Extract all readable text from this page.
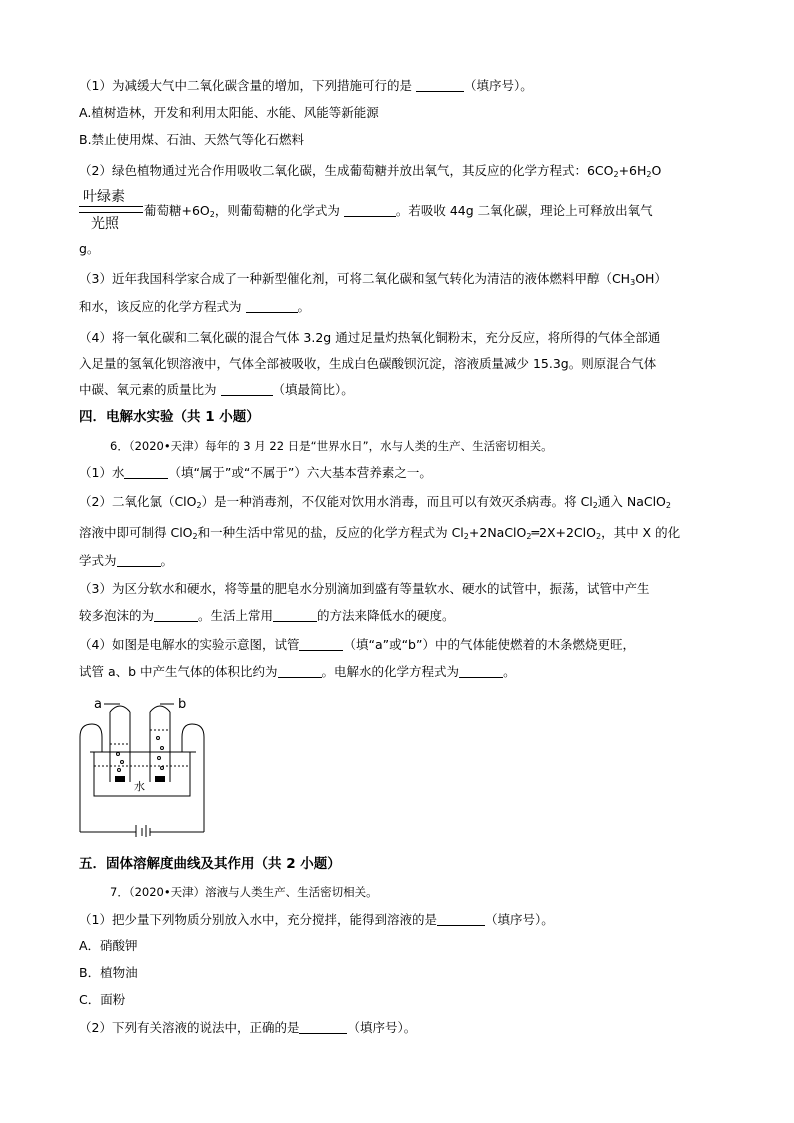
（1）为减缓大气中二氧化碳含量的增加，下列措施可行的是	（填序号）。
A.植树造林，开发和利用太阳能、水能、风能等新能源
B.禁止使用煤、石油、天然气等化石燃料
（2）绿色植物通过光合作用吸收二氧化碳，生成葡萄糖并放出氧气，其反应的化学方程式：$6CO_2+6H_2O$
叶绿素
光照
葡萄糖$+6O_2$，则葡萄糖的化学式为	。若吸收 44g 二氧化碳，理论上可释放出氧气
g。
（3）近年我国科学家合成了一种新型催化剂，可将二氧化碳和氢气转化为清洁的液体燃料甲醇$(CH_3OH)$
和水，该反应的化学方程式为	。
（4）将一氧化碳和二氧化碳的混合气体 3.2g 通过足量灼热氧化铜粉末，充分反应，将所得的气体全部通
入足量的氢氧化钡溶液中，气体全部被吸收，生成白色碳酸钡沉淀，溶液质量减少 15.3g。则原混合气体
中碳、氧元素的质量比为	（填最简比）。
四．电解水实验（共 1 小题）
6．（2020•天津）每年的 3 月 22 日是“世界水日”，水与人类的生产、生活密切相关。
（1）水	（填“属于”或“不属于”）六大基本营养素之一。
（2）二氧化氯（ClO$_2$）是一种消毒剂，不仅能对饮用水消毒，而且可以有效灭杀病毒。将 $Cl_2$通入 NaClO$_2$
溶液中即可制得 ClO$_2$和一种生活中常见的盐，反应的化学方程式为 $Cl_2+2NaClO_2═2X+2ClO_2$，其中 X 的化
学式为	。
（3）为区分软水和硬水，将等量的肥皂水分别滴加到盛有等量软水、硬水的试管中，振荡，试管中产生
较多泡沫的为	。生活上常用	的方法来降低水的硬度。
（4）如图是电解水的实验示意图，试管	（填“a”或“b”）中的气体能使燃着的木条燃烧更旺，
试管 a、b 中产生气体的体积比约为	。电解水的化学方程式为	。
a	b
水
五．固体溶解度曲线及其作用（共 2 小题）
7．（2020•天津）溶液与人类生产、生活密切相关。
（1）把少量下列物质分别放入水中，充分搅拌，能得到溶液的是	（填序号）。
A．硝酸钾
B．植物油
C．面粉
（2）下列有关溶液的说法中，正确的是	（填序号）。
